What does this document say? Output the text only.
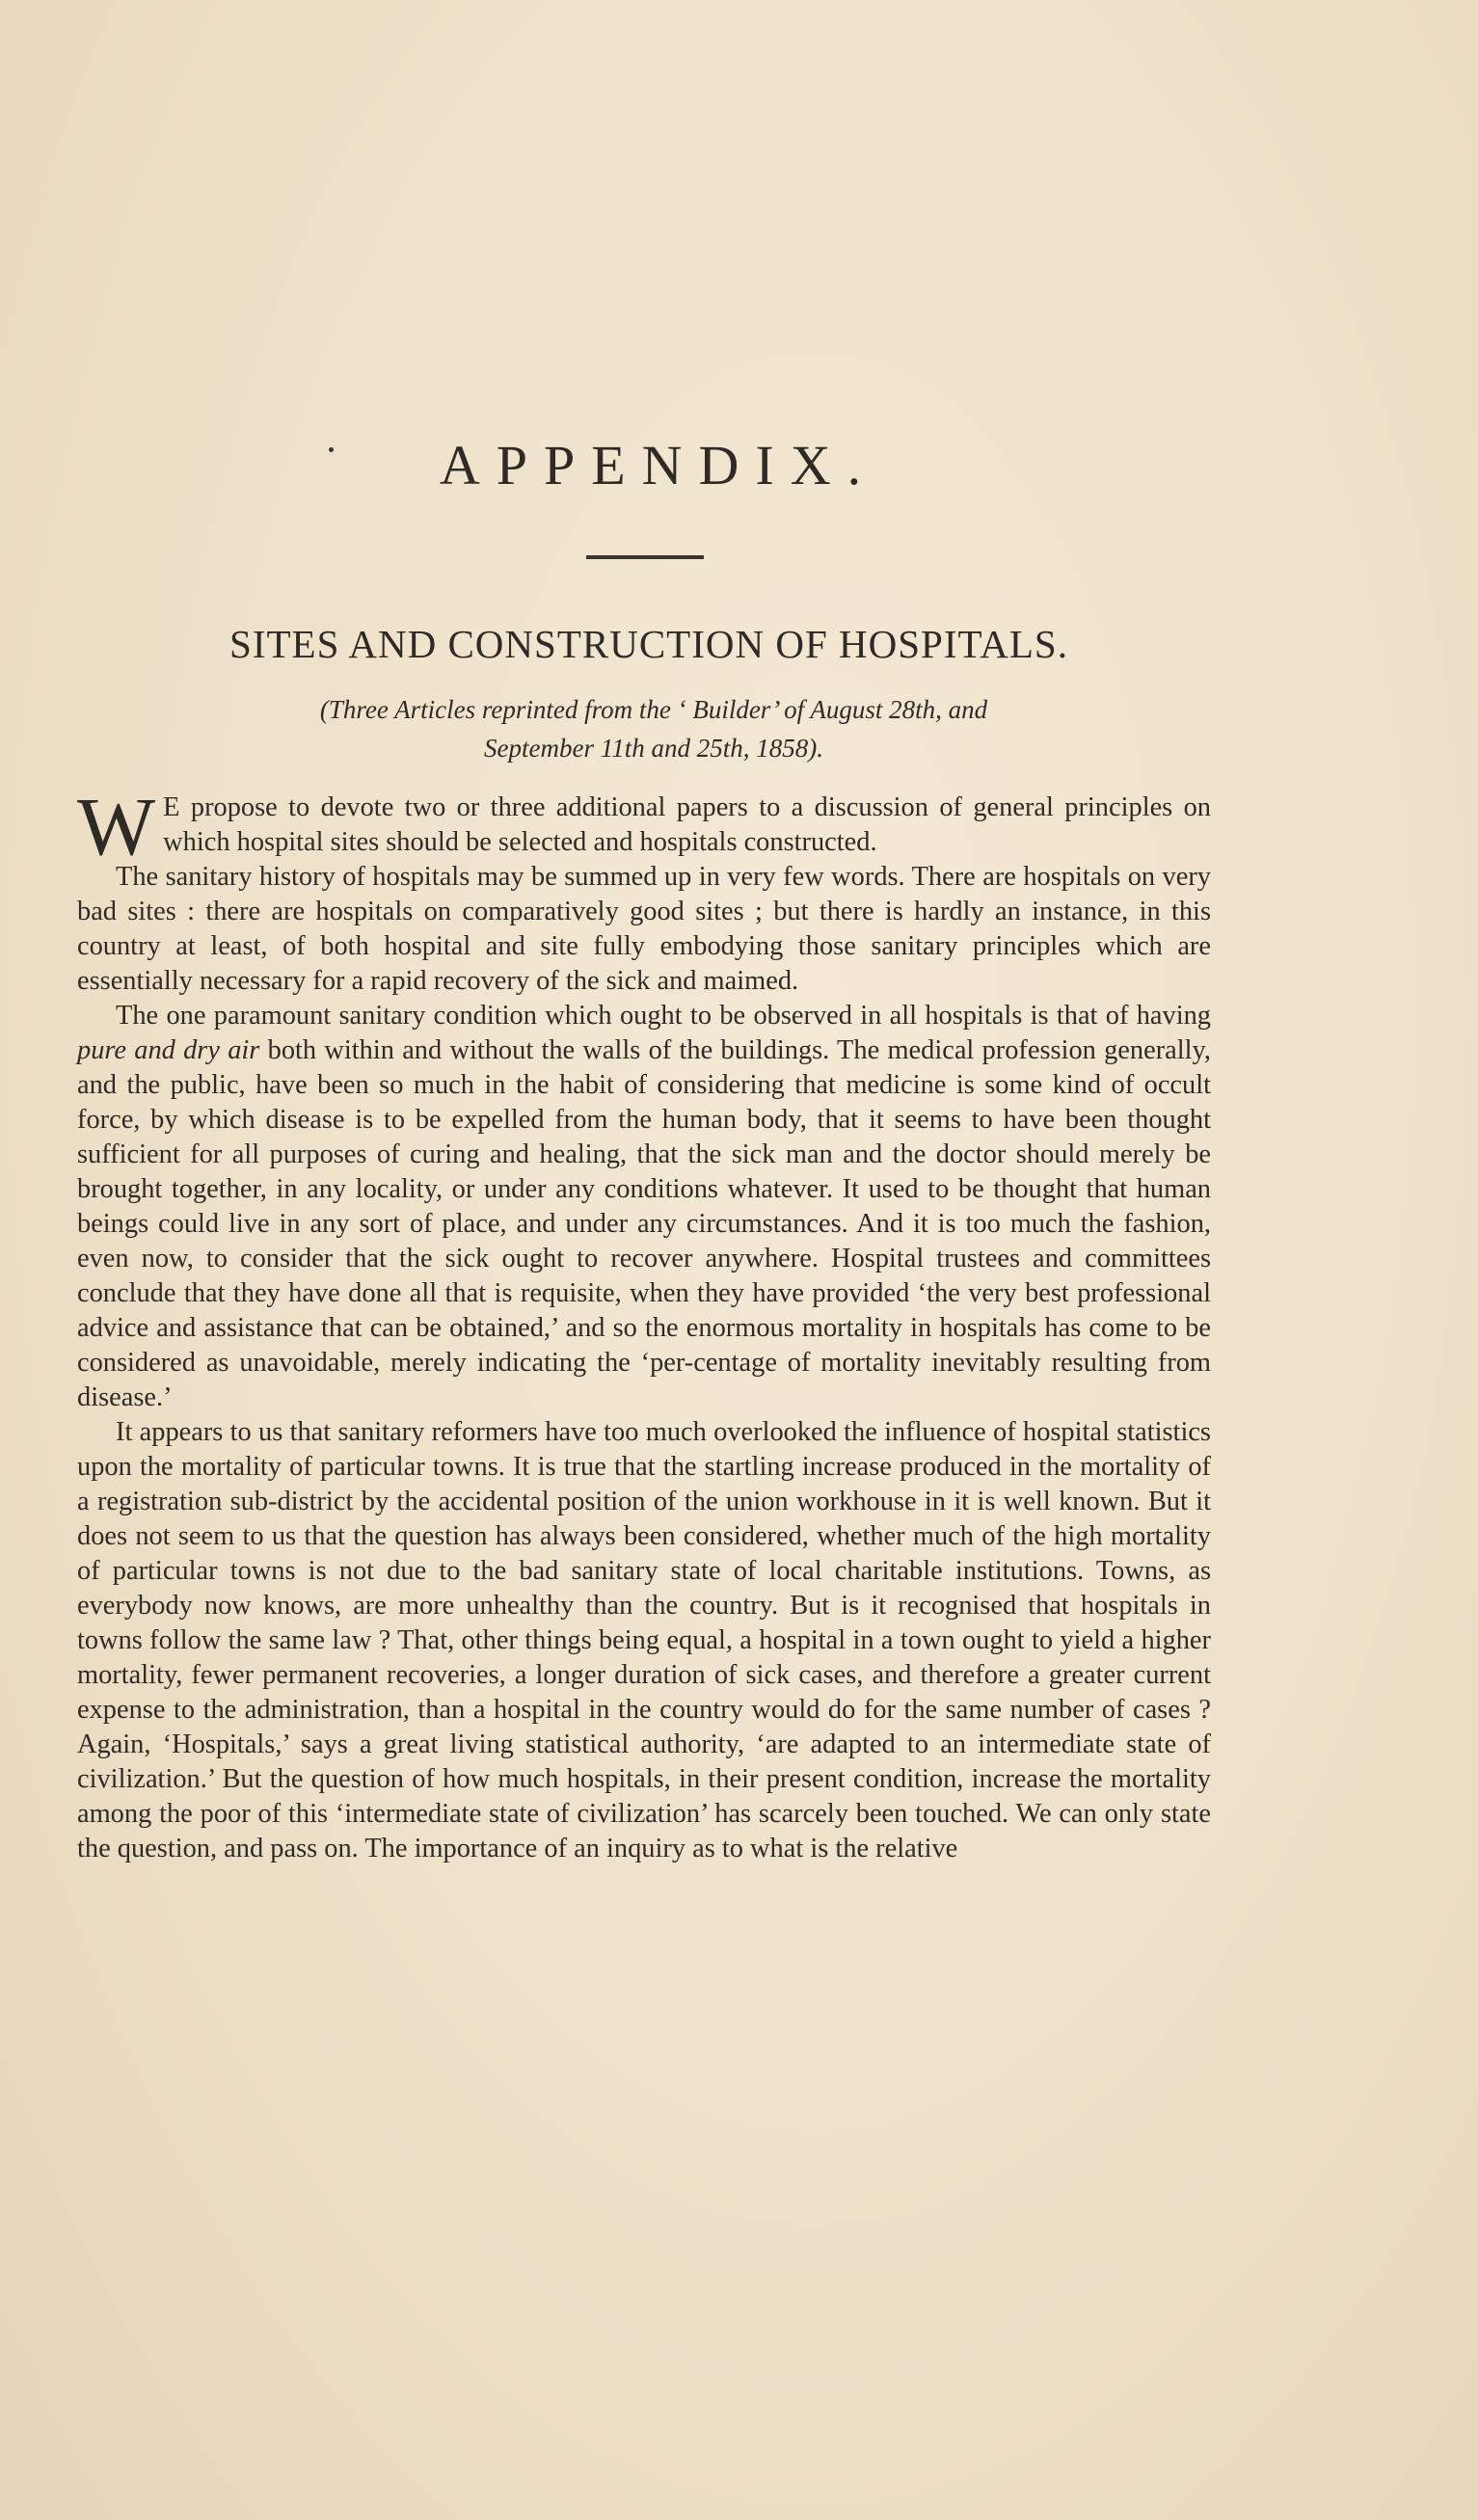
APPENDIX.
SITES AND CONSTRUCTION OF HOSPITALS.

(Three Articles reprinted from the ‘ Builder’ of August 28th, and
September 11th and 25th, 1858).

W E propose to devote two or three additional papers to a discussion of general principles on which hospital sites should be selected and hospitals constructed.

The sanitary history of hospitals may be summed up in very few words. There are hospitals on very bad sites : there are hospitals on comparatively good sites ; but there is hardly an instance, in this country at least, of both hospital and site fully embodying those sanitary principles which are essentially necessary for a rapid recovery of the sick and maimed.

The one paramount sanitary condition which ought to be observed in all hospitals is that of having pure and dry air both within and without the walls of the buildings. The medical profession generally, and the public, have been so much in the habit of considering that medicine is some kind of occult force, by which disease is to be expelled from the human body, that it seems to have been thought sufficient for all purposes of curing and healing, that the sick man and the doctor should merely be brought together, in any locality, or under any conditions whatever. It used to be thought that human beings could live in any sort of place, and under any circumstances. And it is too much the fashion, even now, to consider that the sick ought to recover anywhere. Hospital trustees and committees conclude that they have done all that is requisite, when they have provided ‘the very best professional advice and assistance that can be obtained,’ and so the enormous mortality in hospitals has come to be considered as unavoidable, merely indicating the ‘per-centage of mortality inevitably resulting from disease.’

It appears to us that sanitary reformers have too much overlooked the influence of hospital statistics upon the mortality of particular towns. It is true that the startling increase produced in the mortality of a registration sub-district by the accidental position of the union workhouse in it is well known. But it does not seem to us that the question has always been considered, whether much of the high mortality of particular towns is not due to the bad sanitary state of local charitable institutions. Towns, as everybody now knows, are more unhealthy than the country. But is it recognised that hospitals in towns follow the same law ? That, other things being equal, a hospital in a town ought to yield a higher mortality, fewer permanent recoveries, a longer duration of sick cases, and therefore a greater current expense to the administration, than a hospital in the country would do for the same number of cases ? Again, ‘Hospitals,’ says a great living statistical authority, ‘are adapted to an intermediate state of civilization.’ But the question of how much hospitals, in their present condition, increase the mortality among the poor of this ‘intermediate state of civilization’ has scarcely been touched. We can only state the question, and pass on. The importance of an inquiry as to what is the relative
